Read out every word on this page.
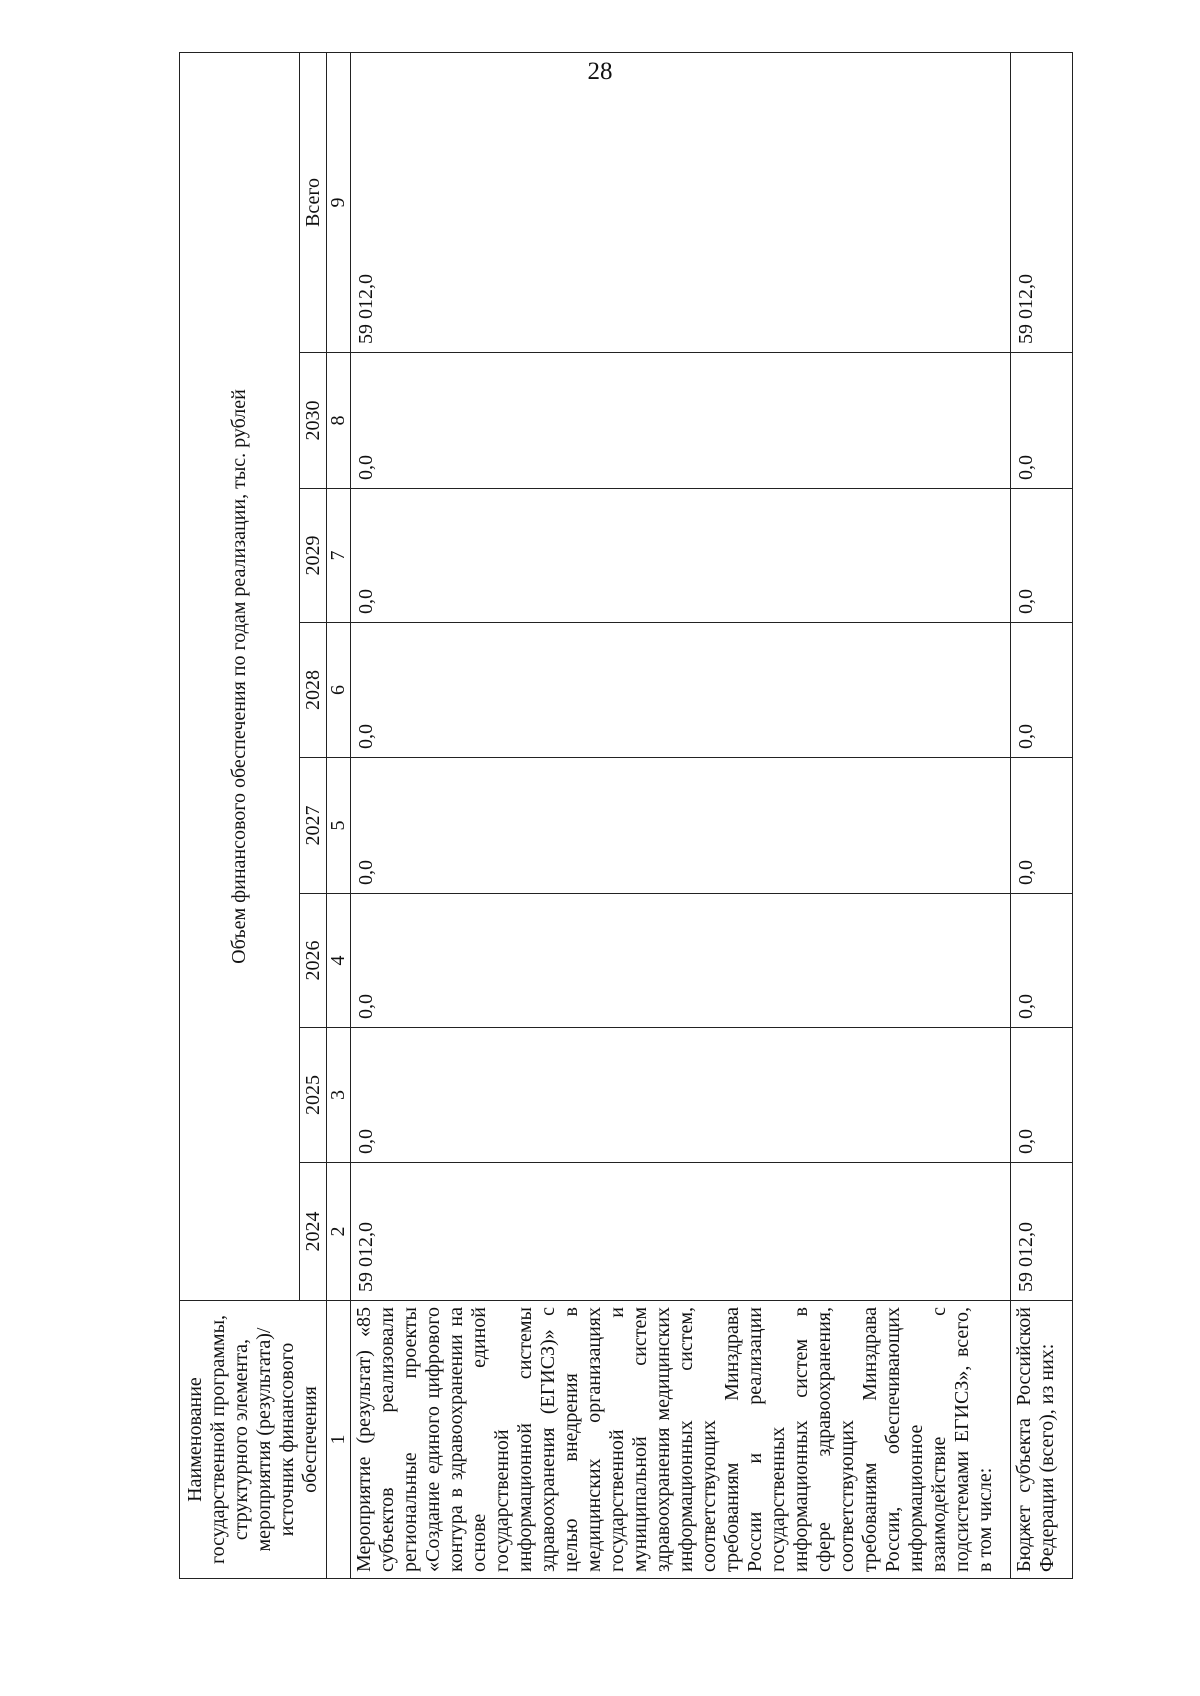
28
Наименование государственной программы, структурного элемента, мероприятия (результата)/источник финансового обеспечения	Объем финансового обеспечения по годам реализации, тыс. рублей							
	2024	2025	2026	2027	2028	2029	2030	Всего
1	2	3	4	5	6	7	8	9
Мероприятие (результат) «85 субъектов реализовали региональные проекты «Создание единого цифрового контура в здравоохранении на основе единой государственной информационной системы здравоохранения (ЕГИСЗ)» с целью внедрения в медицинских организациях государственной и муниципальной систем здравоохранения медицинских информационных систем, соответствующих требованиям Минздрава России и реализации государственных информационных систем в сфере здравоохранения, соответствующих требованиям Минздрава России, обеспечивающих информационное взаимодействие с подсистемами ЕГИСЗ», всего, в том числе:	59 012,0	0,0	0,0	0,0	0,0	0,0	0,0	59 012,0
Бюджет субъекта Российской Федерации (всего), из них:	59 012,0	0,0	0,0	0,0	0,0	0,0	0,0	59 012,0
